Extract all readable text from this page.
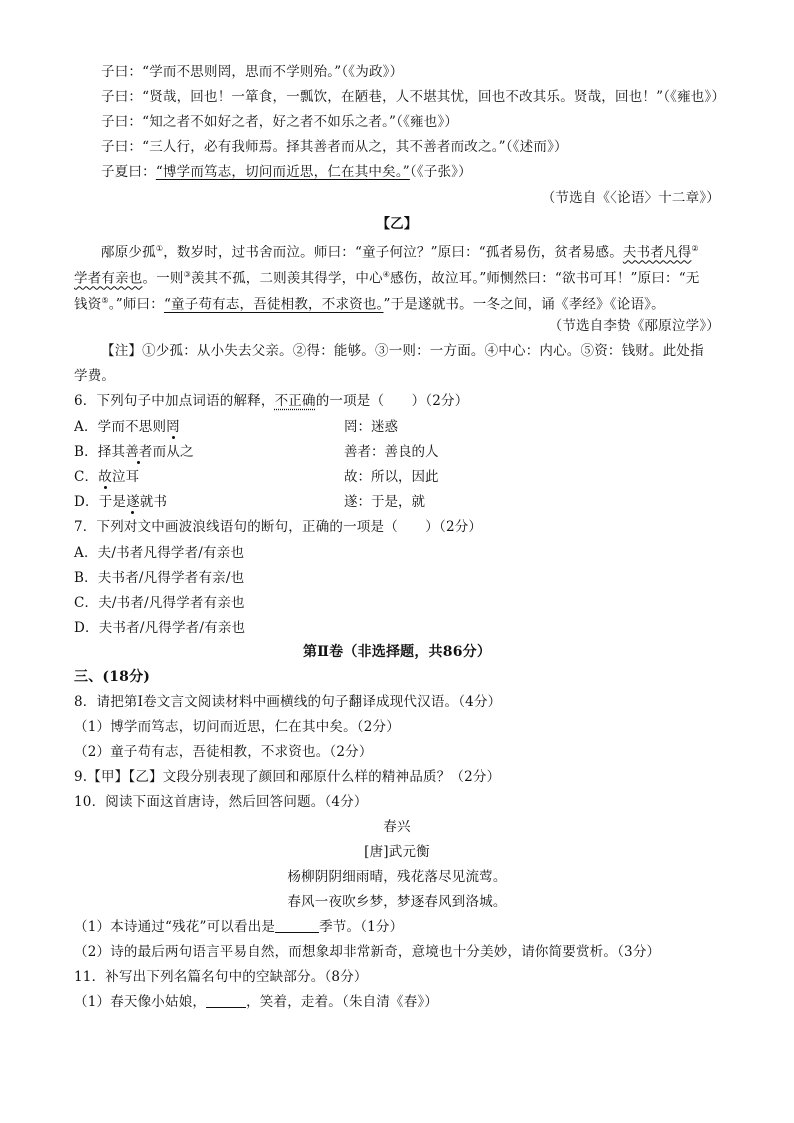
子曰：“学而不思则罔，思而不学则殆。”（《为政》）
子曰：“贤哉，回也！一箪食，一瓢饮，在陋巷，人不堪其忧，回也不改其乐。贤哉，回也！”（《雍也》）
子曰：“知之者不如好之者，好之者不如乐之者。”（《雍也》）
子曰：“三人行，必有我师焉。择其善者而从之，其不善者而改之。”（《述而》）
子夏曰：“博学而笃志，切问而近思，仁在其中矣。”（《子张》）
（节选自《〈论语〉十二章》）
【乙】
邴原少孤①，数岁时，过书舍而泣。师曰：“童子何泣？”原曰：“孤者易伤，贫者易感。夫书者凡得②
学者有亲也。一则③羡其不孤，二则羡其得学，中心④感伤，故泣耳。”师恻然曰：“欲书可耳！”原曰：“无
钱资⑤。”师曰：“童子苟有志，吾徒相教，不求资也。”于是遂就书。一冬之间，诵《孝经》《论语》。
（节选自李贽《邴原泣学》）
【注】①少孤：从小失去父亲。②得：能够。③一则：一方面。④中心：内心。⑤资：钱财。此处指
学费。
6．下列句子中加点词语的解释，不正确的一项是（　　）（2分）
A．学而不思则罔	罔：迷惑
B．择其善者而从之	善者：善良的人
C．故泣耳	故：所以，因此
D．于是遂就书	遂：于是，就
7．下列对文中画波浪线语句的断句，正确的一项是（　　）（2分）
A．夫/书者凡得学者/有亲也
B．夫书者/凡得学者有亲/也
C．夫/书者/凡得学者有亲也
D．夫书者/凡得学者/有亲也
第Ⅱ卷（非选择题，共86分）
三、(18分)
8．请把第Ⅰ卷文言文阅读材料中画横线的句子翻译成现代汉语。（4分）
（1）博学而笃志，切问而近思，仁在其中矣。（2分）
（2）童子苟有志，吾徒相教，不求资也。（2分）
9.【甲】【乙】文段分别表现了颜回和邴原什么样的精神品质？（2分）
10．阅读下面这首唐诗，然后回答问题。（4分）
春兴
[唐]武元衡
杨柳阴阴细雨晴，残花落尽见流莺。
春风一夜吹乡梦，梦逐春风到洛城。
（1）本诗通过“残花”可以看出是	季节。（1分）
（2）诗的最后两句语言平易自然，而想象却非常新奇，意境也十分美妙，请你简要赏析。（3分）
11．补写出下列名篇名句中的空缺部分。（8分）
（1）春天像小姑娘，	，笑着，走着。（朱自清《春》）
